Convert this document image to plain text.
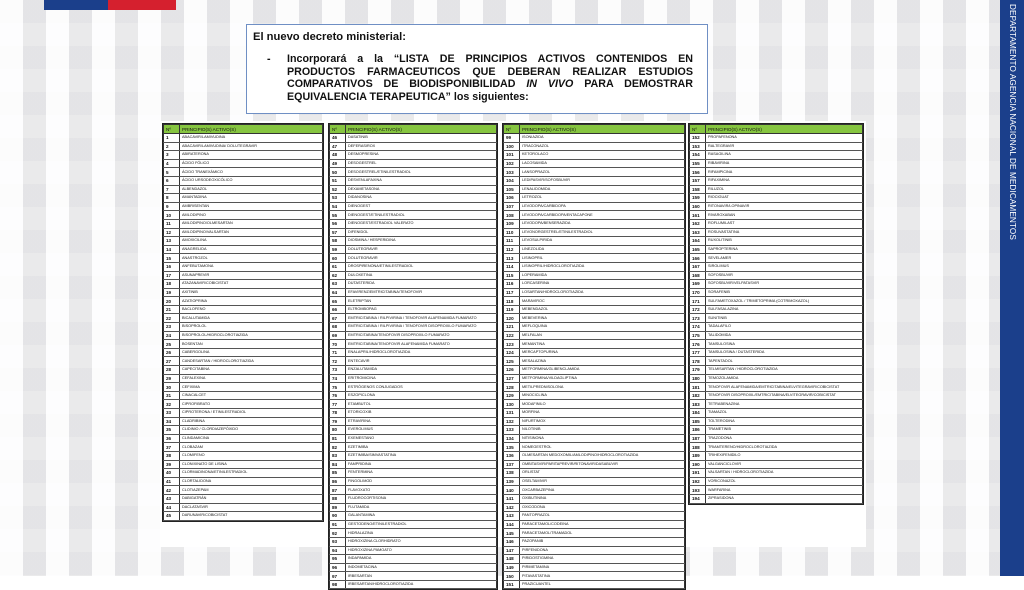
DEPARTAMENTO AGENCIA NACIONAL DE MEDICAMENTOS
El nuevo decreto ministerial:
-	Incorporará a la “LISTA DE PRINCIPIOS ACTIVOS CONTENIDOS EN PRODUCTOS FARMACEUTICOS QUE DEBERAN REALIZAR ESTUDIOS COMPARATIVOS DE BIODISPONIBILIDAD IN VIVO PARA DEMOSTRAR EQUIVALENCIA TERAPEUTICA” los siguientes:
Nº	PRINCIPIO(S) ACTIVO(S)
1	ABACAVIR/LAMIVUDINA
2	ABACAVIR/LAMIVUDINA/ DOLUTEGRAVIR
3	ABIRATERONA
4	ÁCIDO FÓLICO
5	ÁCIDO TRANEXÁMICO
6	ÁCIDO URSODEOXICÓLICO
7	ALBENDAZOL
8	AMANTADINA
9	AMBRISENTAN
10	AMLODIPINO
11	AMLODIPINO/OLMESARTAN
12	AMLODIPINO/VALSARTAN
13	AMOXICILINA
14	ANAGRELIDA
15	ANASTROZOL
16	ANFEBUTAMONA
17	ASUNAPREVIR
18	ATAZANAVIR/COBICISTAT
19	AXITINIB
20	AZATIOPRINA
21	BACLOFENO
22	BICALUTAMIDA
23	BISOPROLOL
24	BISOPROLOL/HIDROCLOROTIAZIDA
25	BOSENTAN
26	CABERGOLINA
27	CANDESARTAN / HIDROCLOROTIAZIDA
28	CAPECITABINA
29	CEFALEXINA
30	CEFIXIMA
31	CINACALCET
32	CIPROFIBRATO
33	CIPROTERONA / ETINILESTRADIOL
34	CLADRIBINA
35	CLIDINIO / CLORDIAZEPÓXIDO
36	CLINDAMICINA
37	CLOBAZAM
38	CLOMIFENO
39	CLONIXINATO DE LISINA
40	CLORMADINONA/ETINILESTRADIOL
41	CLORTALIDONA
42	CLOTIAZEPAM
43	DABIGATRÁN
44	DACLATASVIR
45	DARUNAVIR/COBICISTAT
Nº	PRINCIPIO(S) ACTIVO(S)
46	DASATINIB
47	DEFERASIROX
48	DESMOPRESINA
49	DESOGESTREL
50	DESOGESTREL/ETINILESTRADIOL
51	DESVENLAFAXINA
52	DEXAMETASONA
53	DIDANOSINA
54	DIENOGEST
55	DIENOGEST/ETINILESTRADIOL
56	DIENOGEST/ESTRADIOL VALERATO
57	DIFENIDOL
58	DIOSMINA / HESPERIDINA
59	DOLUTEGRAVIR
60	DOLUTEGRAVIR
61	DROSPIRENONA/ETINILESTRADIOL
62	DULOXETINA
63	DUTASTERIDA
64	EFAVIRENZ/EMTRICITABINA/TENOFOVIR
65	ELETRIPTAN
66	ELTROMBOPAG
67	EMTRICITABINA / RILPIVIRINA / TENOFOVIR ALAFENAMIDA FUMARATO
68	EMTRICITABINA / RILPIVIRINA / TENOFOVIR DISOPROXILO FUMARATO
69	EMTRICITABINA/TENOFOVIR DISOPROXILO FUMARATO
70	EMTRICITABINA/TENOFOVIR ALAFENAMIDA FUMARATO
71	ENALAPRIL/HIDROCLOROTIAZIDA
72	ENTECAVIR
73	ENZALUTAMIDA
74	ERITROMICINA
75	ESTRÓGENOS CONJUGADOS
76	ESZOPICLONA
77	ETAMBUTOL
78	ETORICOXIB
79	ETRAVIRINA
80	EVEROLIMUS
81	EXEMESTANO
82	EZETIMIBA
83	EZETIMIBA/SIMVASTATINA
84	FAMPRIDINA
85	FENTERMINA
86	FINGOLIMOD
87	FLAVOXATO
88	FLUDROCORTISONA
89	FLUTAMIDA
90	GALANTAMINA
91	GESTODENO/ETINILESTRADIOL
92	HIDRALAZINA
93	HIDROXIZINA CLORHIDRATO
94	HIDROXIZINA PAMOATO
95	INDAPAMIDA
96	INDOMETACINA
97	IRBESARTAN
98	IRBESARTAN/HIDROCLOROTIAZIDA
Nº	PRINCIPIO(S) ACTIVO(S)
99	ISONIAZIDA
100	ITRACONAZOL
101	KETOROLACO
102	LACOSAMIDA
103	LANSOPRAZOL
104	LEDIPASVIR/SOFOSBUVIR
105	LENALIDOMIDA
106	LETROZOL
107	LEVODOPA/CARBIDOPA
108	LEVODOPA/CARBIDOPA/ENTACAPONE
109	LEVODOPA/BENSERAZIDA
110	LEVONORGESTREL/ETINILESTRADIOL
111	LEVOSULPIRIDA
112	LINEZOLIDA
113	LISINOPRIL
114	LISINOPRIL/HIDROCLOROTIAZIDA
115	LOPERAMIDA
116	LORCASERINA
117	LOSARTAN/HIDROCLOROTIAZIDA
118	MARAVIROC
119	MEBENDAZOL
120	MEBEVERINA
121	MEFLOQUINA
122	MELFALAN
123	MEMANTINA
124	MERCAPTOPURINA
125	MESALAZINA
126	METFORMINA/GLIBENCLAMIDA
127	METFORMINA/VILDAGLIPTINA
128	METILPREDNISOLONA
129	MINOCICLINA
130	MODAFINILO
131	MORFINA
132	NIFURTIMOX
133	NILOTINIB
134	NITISINONA
135	NOMEGESTROL
136	OLMESARTAN MEDOXOMIL/AMLODIPINO/HIDROCLOROTIAZIDA
137	OMBITASVIR/PARITAPREVIR/RITONAVIR/DASABUVIR
138	ORLISTAT
139	OSELTAMIVIR
140	OXCARBAZEPINA
141	OXIBUTININA
142	OXICODONA
143	PANTOPRAZOL
144	PARACETAMOL/CODEINA
145	PARACETAMOL/TRAMADOL
146	PAZOPANIB
147	PIRFENIDONA
148	PIRIDOSTIGMINA
149	PIRIMETAMINA
150	PITAVASTATINA
151	PRAZICUANTEL
Nº	PRINCIPIO(S) ACTIVO(S)
152	PROPAFENONA
153	RALTEGRAVIR
154	RASAGILINA
155	RIBAVIRINA
156	RIFAMPICINA
157	RIFAXIMINA
158	RILUZOL
159	RIOCIGUAT
160	RITONAVIR/LOPINAVIR
161	RIVAROXABAN
162	ROFLUMILAST
163	ROSUVASTATINA
164	RUXOLITINIB
165	SAPROPTERINA
166	SEVELAMER
167	SIROLIMUS
168	SOFOSBUVIR
169	SOFOSBUVIR/VELPATASVIR
170	SORAFENIB
171	SULFAMETOXAZOL / TRIMETOPRIMA (COTRIMOXAZOL)
172	SULFASALAZINA
173	SUNITINIB
174	TADALAFILO
175	TALIDOMIDA
176	TAMSULOSINA
177	TAMSULOSINA / DUTASTERIDA
178	TAPENTADOL
179	TELMISARTAN / HIDROCLOROTIAZIDA
180	TEMOZOLAMIDA
181	TENOFOVIR ALAFENAMIDA/EMTRICITABINA/ELVITEGRAVIR/COBICISTAT
182	TENOFOVIR DISOPROXIL/EMTRICITABINA/ELVITEGRAVIR/COBICISTAT
183	TETRABENAZINA
184	TIAMAZOL
185	TOLTERODINA
186	TRAMETINIB
187	TRAZODONA
188	TRIAMTERENO/HIDROCLOROTIAZIDA
189	TRIHEXIFENIDILO
190	VALGANCICLOVIR
191	VALSARTAN / HIDROCLOROTIAZIDA
192	VORICONAZOL
193	WARFARINA
194	ZIPRASIDONA
